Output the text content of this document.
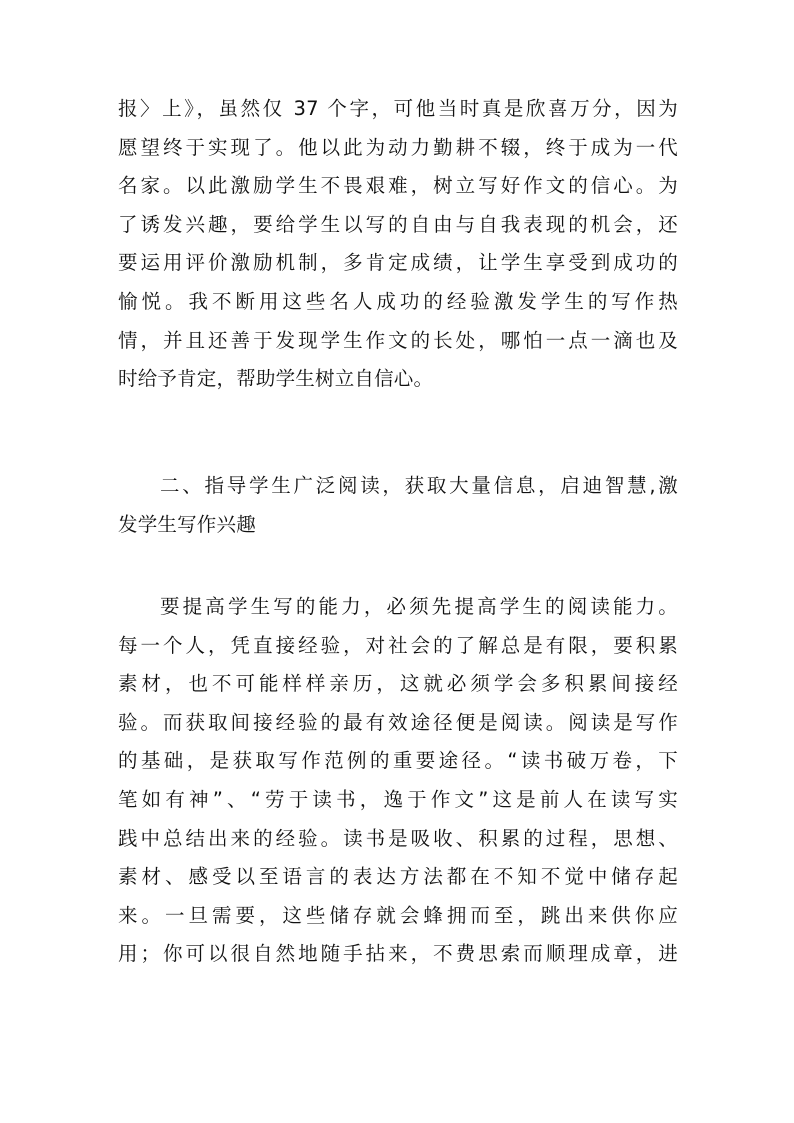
报〉上》，虽然仅 37 个字，可他当时真是欣喜万分，因为
愿望终于实现了。他以此为动力勤耕不辍，终于成为一代
名家。以此激励学生不畏艰难，树立写好作文的信心。为
了诱发兴趣，要给学生以写的自由与自我表现的机会，还
要运用评价激励机制，多肯定成绩，让学生享受到成功的
愉悦。我不断用这些名人成功的经验激发学生的写作热
情，并且还善于发现学生作文的长处，哪怕一点一滴也及
时给予肯定，帮助学生树立自信心。
二、指导学生广泛阅读，获取大量信息，启迪智慧,激
发学生写作兴趣
要提高学生写的能力，必须先提高学生的阅读能力。
每一个人，凭直接经验，对社会的了解总是有限，要积累
素材，也不可能样样亲历，这就必须学会多积累间接经
验。而获取间接经验的最有效途径便是阅读。阅读是写作
的基础，是获取写作范例的重要途径。“读书破万卷，下
笔如有神”、“劳于读书，逸于作文”这是前人在读写实
践中总结出来的经验。读书是吸收、积累的过程，思想、
素材、感受以至语言的表达方法都在不知不觉中储存起
来。一旦需要，这些储存就会蜂拥而至，跳出来供你应
用；你可以很自然地随手拈来，不费思索而顺理成章，进
